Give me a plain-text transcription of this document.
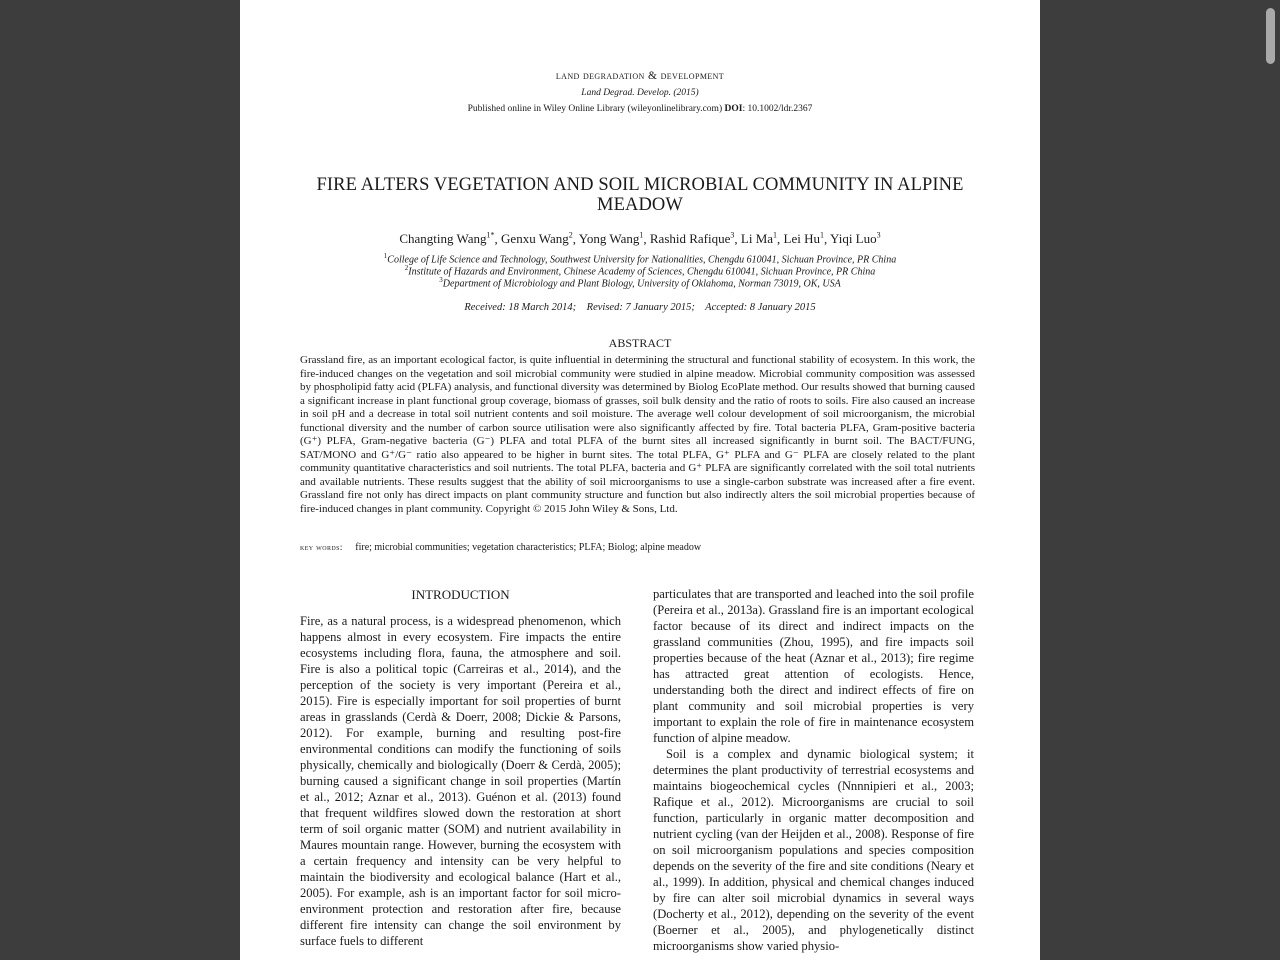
land degradation & development
Land Degrad. Develop. (2015)
Published online in Wiley Online Library (wileyonlinelibrary.com) DOI: 10.1002/ldr.2367
FIRE ALTERS VEGETATION AND SOIL MICROBIAL COMMUNITY IN ALPINE MEADOW
Changting Wang$^{1*}$, Genxu Wang$^2$, Yong Wang$^1$, Rashid Rafique$^3$, Li Ma$^1$, Lei Hu$^1$, Yiqi Luo$^3$
$^1$College of Life Science and Technology, Southwest University for Nationalities, Chengdu 610041, Sichuan Province, PR China
$^2$Institute of Hazards and Environment, Chinese Academy of Sciences, Chengdu 610041, Sichuan Province, PR China
$^3$Department of Microbiology and Plant Biology, University of Oklahoma, Norman 73019, OK, USA
Received: 18 March 2014;    Revised: 7 January 2015;    Accepted: 8 January 2015
ABSTRACT

Grassland fire, as an important ecological factor, is quite influential in determining the structural and functional stability of ecosystem. In this work, the fire-induced changes on the vegetation and soil microbial community were studied in alpine meadow. Microbial community composition was assessed by phospholipid fatty acid (PLFA) analysis, and functional diversity was determined by Biolog EcoPlate method. Our results showed that burning caused a significant increase in plant functional group coverage, biomass of grasses, soil bulk density and the ratio of roots to soils. Fire also caused an increase in soil pH and a decrease in total soil nutrient contents and soil moisture. The average well colour development of soil microorganism, the microbial functional diversity and the number of carbon source utilisation were also significantly affected by fire. Total bacteria PLFA, Gram-positive bacteria (G⁺) PLFA, Gram-negative bacteria (G⁻) PLFA and total PLFA of the burnt sites all increased significantly in burnt soil. The BACT/FUNG, SAT/MONO and G⁺/G⁻ ratio also appeared to be higher in burnt sites. The total PLFA, G⁺ PLFA and G⁻ PLFA are closely related to the plant community quantitative characteristics and soil nutrients. The total PLFA, bacteria and G⁺ PLFA are significantly correlated with the soil total nutrients and available nutrients. These results suggest that the ability of soil microorganisms to use a single-carbon substrate was increased after a fire event. Grassland fire not only has direct impacts on plant community structure and function but also indirectly alters the soil microbial properties because of fire-induced changes in plant community. Copyright © 2015 John Wiley & Sons, Ltd.

key words: fire; microbial communities; vegetation characteristics; PLFA; Biolog; alpine meadow
INTRODUCTION

Fire, as a natural process, is a widespread phenomenon, which happens almost in every ecosystem. Fire impacts the entire ecosystems including flora, fauna, the atmosphere and soil. Fire is also a political topic (Carreiras et al., 2014), and the perception of the society is very important (Pereira et al., 2015). Fire is especially important for soil properties of burnt areas in grasslands (Cerdà & Doerr, 2008; Dickie & Parsons, 2012). For example, burning and resulting post-fire environmental conditions can modify the functioning of soils physically, chemically and biologically (Doerr & Cerdà, 2005); burning caused a significant change in soil properties (Martín et al., 2012; Aznar et al., 2013). Guénon et al. (2013) found that frequent wildfires slowed down the restoration at short term of soil organic matter (SOM) and nutrient availability in Maures mountain range. However, burning the ecosystem with a certain frequency and intensity can be very helpful to maintain the biodiversity and ecological balance (Hart et al., 2005). For example, ash is an important factor for soil micro-environment protection and restoration after fire, because different fire intensity can change the soil environment by surface fuels to different

particulates that are transported and leached into the soil profile (Pereira et al., 2013a). Grassland fire is an important ecological factor because of its direct and indirect impacts on the grassland communities (Zhou, 1995), and fire impacts soil properties because of the heat (Aznar et al., 2013); fire regime has attracted great attention of ecologists. Hence, understanding both the direct and indirect effects of fire on plant community and soil microbial properties is very important to explain the role of fire in maintenance ecosystem function of alpine meadow.

Soil is a complex and dynamic biological system; it determines the plant productivity of terrestrial ecosystems and maintains biogeochemical cycles (Nnnnipieri et al., 2003; Rafique et al., 2012). Microorganisms are crucial to soil function, particularly in organic matter decomposition and nutrient cycling (van der Heijden et al., 2008). Response of fire on soil microorganism populations and species composition depends on the severity of the fire and site conditions (Neary et al., 1999). In addition, physical and chemical changes induced by fire can alter soil microbial dynamics in several ways (Docherty et al., 2012), depending on the severity of the event (Boerner et al., 2005), and phylogenetically distinct microorganisms show varied physio-
